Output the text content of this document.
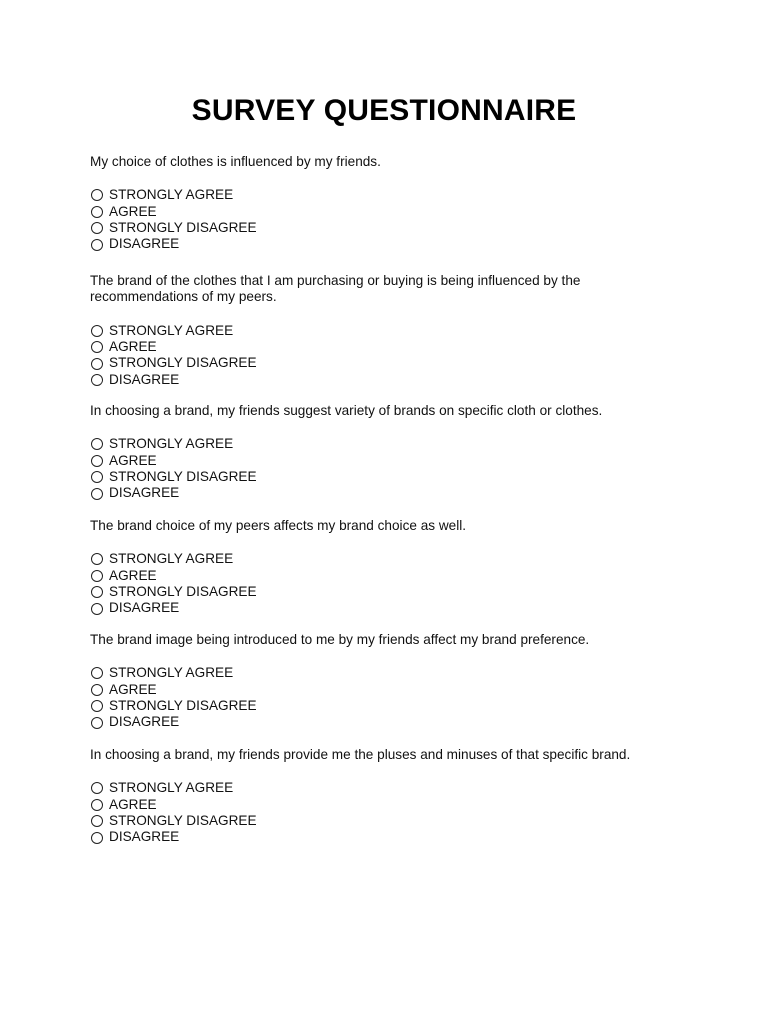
SURVEY QUESTIONNAIRE

My choice of clothes is influenced by my friends.

STRONGLY AGREE
AGREE
STRONGLY DISAGREE
DISAGREE

The brand of the clothes that I am purchasing or buying is being influenced by the recommendations of my peers.

STRONGLY AGREE
AGREE
STRONGLY DISAGREE
DISAGREE

In choosing a brand, my friends suggest variety of brands on specific cloth or clothes.

STRONGLY AGREE
AGREE
STRONGLY DISAGREE
DISAGREE

The brand choice of my peers affects my brand choice as well.

STRONGLY AGREE
AGREE
STRONGLY DISAGREE
DISAGREE

The brand image being introduced to me by my friends affect my brand preference.

STRONGLY AGREE
AGREE
STRONGLY DISAGREE
DISAGREE

In choosing a brand, my friends provide me the pluses and minuses of that specific brand.

STRONGLY AGREE
AGREE
STRONGLY DISAGREE
DISAGREE
